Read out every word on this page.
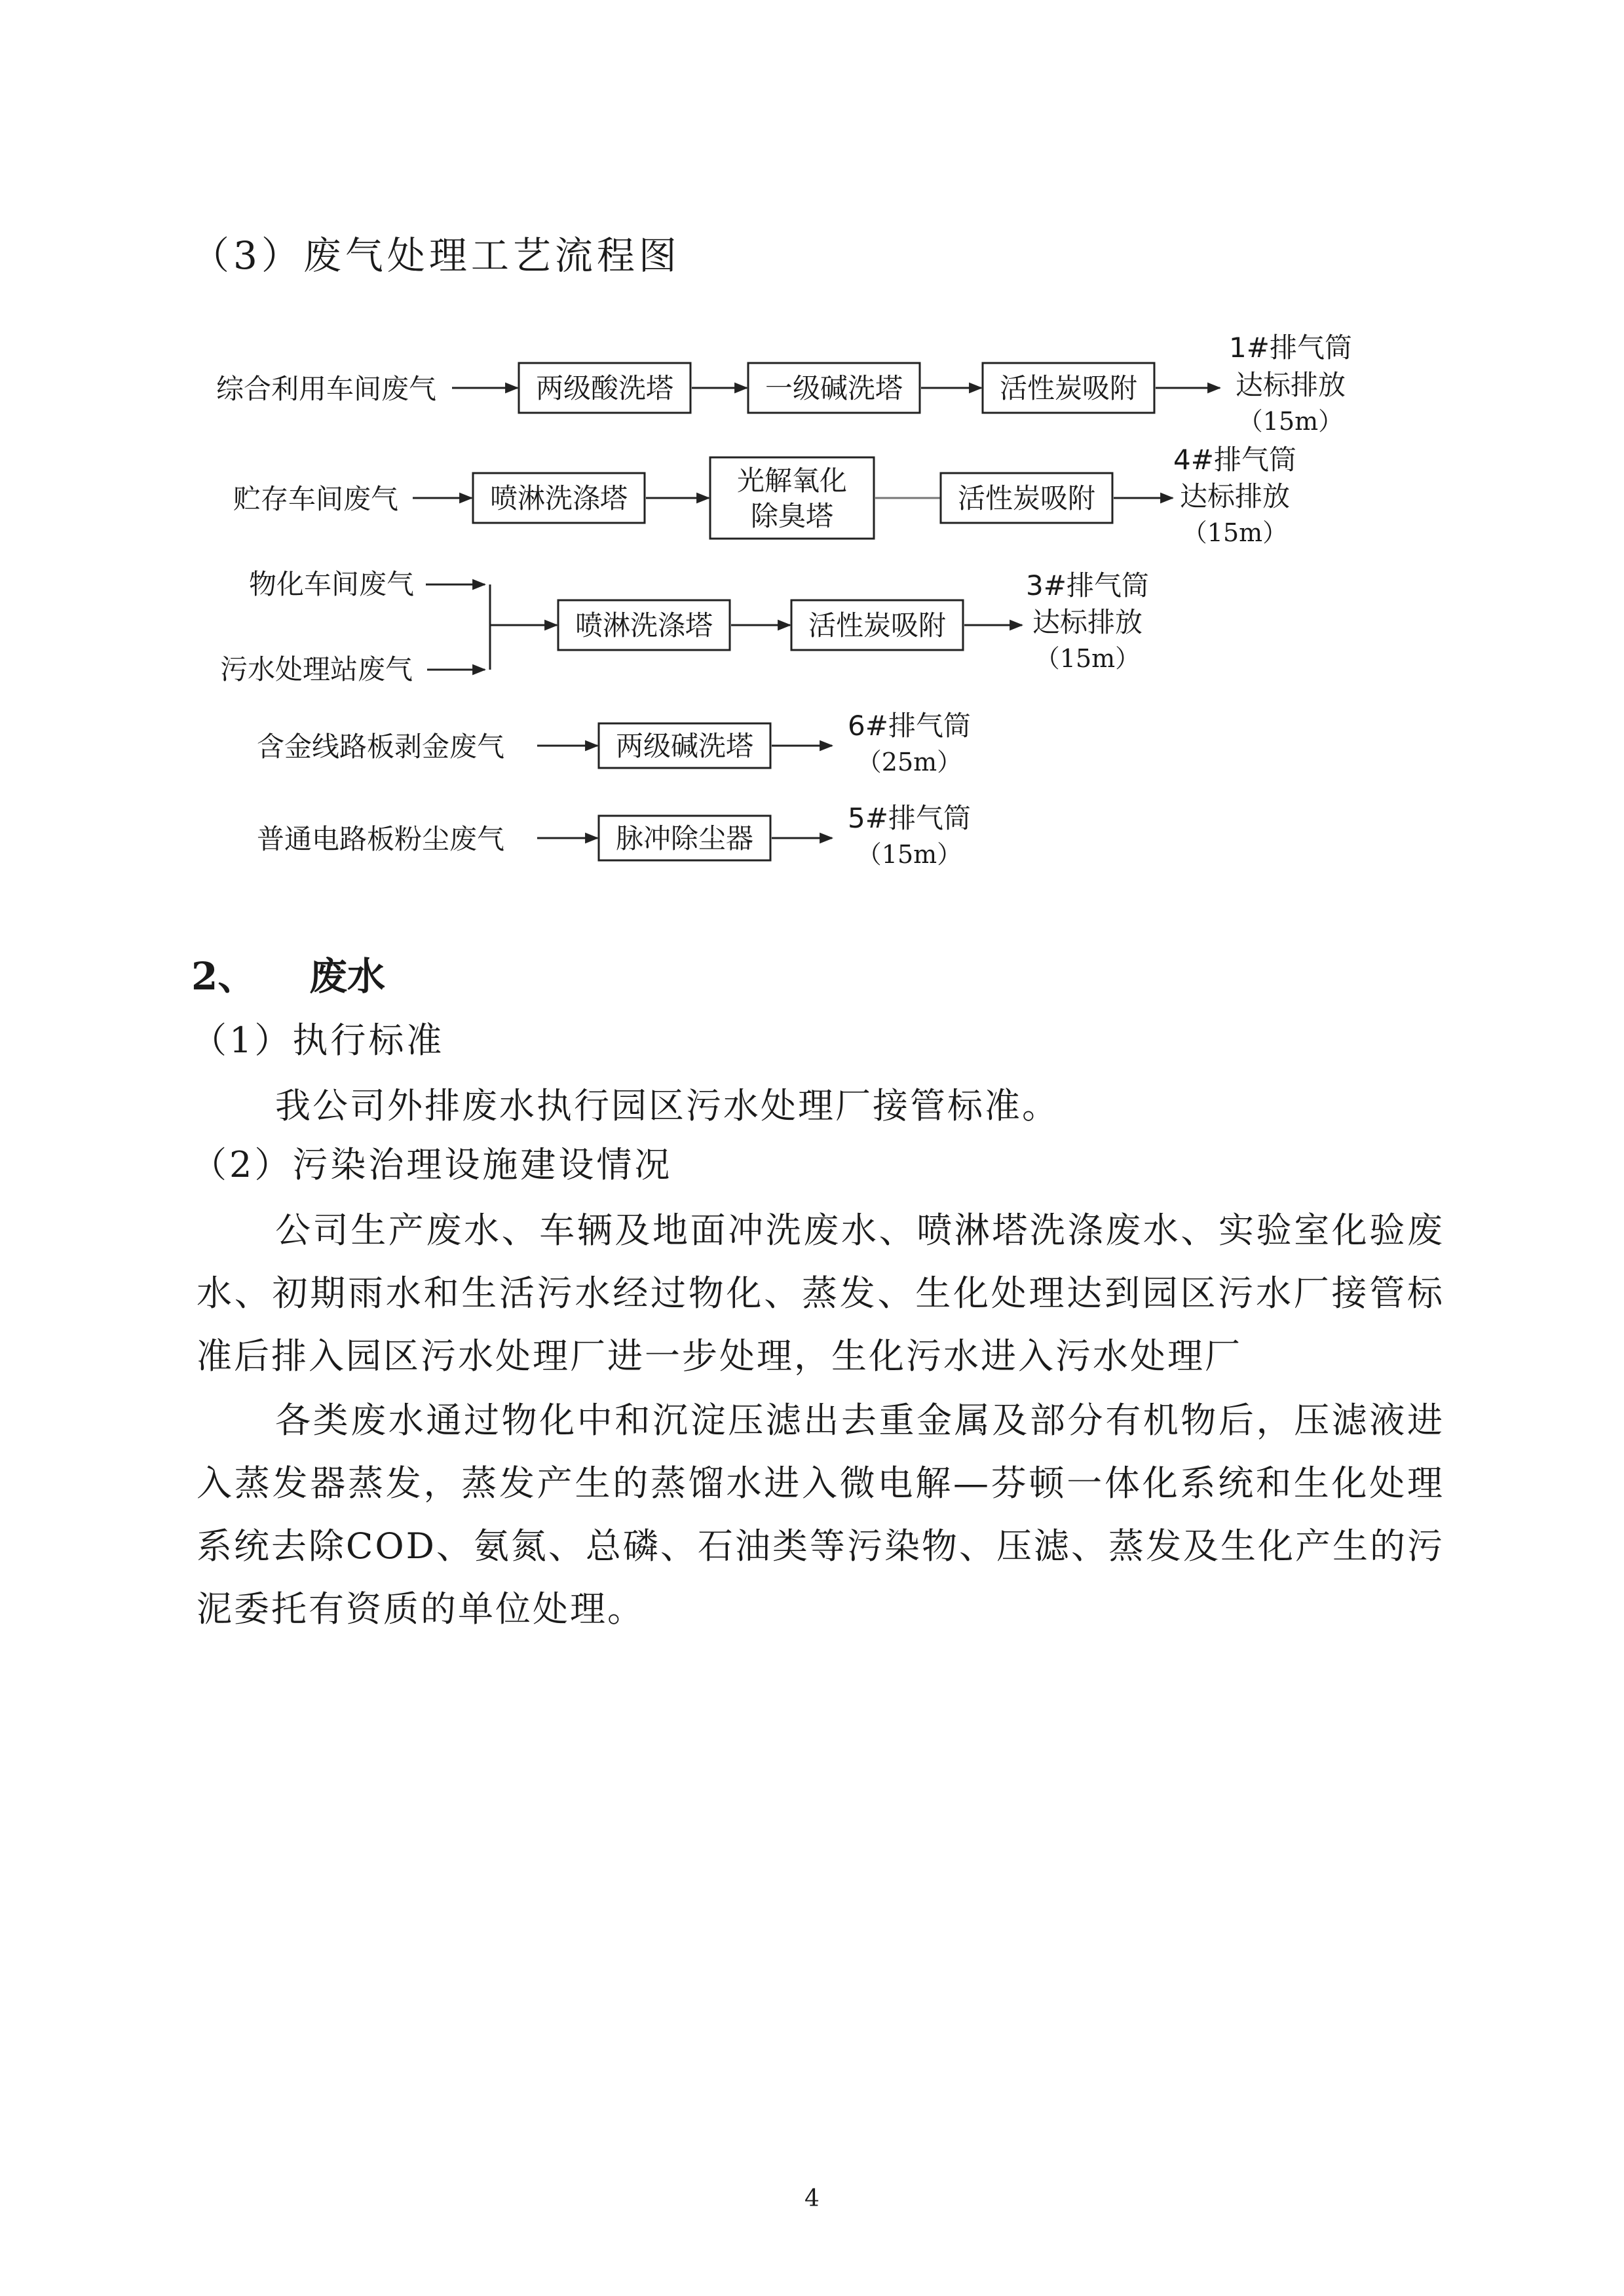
（3）废气处理工艺流程图
综合利用车间废气	两级酸洗塔	一级碱洗塔	活性炭吸附
1#排气筒
达标排放
（15m）
贮存车间废气	喷淋洗涤塔
光解氧化
除臭塔
活性炭吸附
4#排气筒
达标排放
（15m）
物化车间废气
污水处理站废气
喷淋洗涤塔	活性炭吸附
3#排气筒
达标排放
（15m）
含金线路板剥金废气	两级碱洗塔
6#排气筒
（25m）
普通电路板粉尘废气	脉冲除尘器
5#排气筒
（15m）
2、 废水
（1）执行标准
我公司外排废水执行园区污水处理厂接管标准。
（2）污染治理设施建设情况
公司生产废水、车辆及地面冲洗废水、喷淋塔洗涤废水、实验室化验废水、初期雨水和生活污水经过物化、蒸发、生化处理达到园区污水厂接管标准后排入园区污水处理厂进一步处理，生化污水进入污水处理厂
各类废水通过物化中和沉淀压滤出去重金属及部分有机物后，压滤液进入蒸发器蒸发，蒸发产生的蒸馏水进入微电解—芬顿一体化系统和生化处理系统去除COD、氨氮、总磷、石油类等污染物、压滤、蒸发及生化产生的污泥委托有资质的单位处理。
4
